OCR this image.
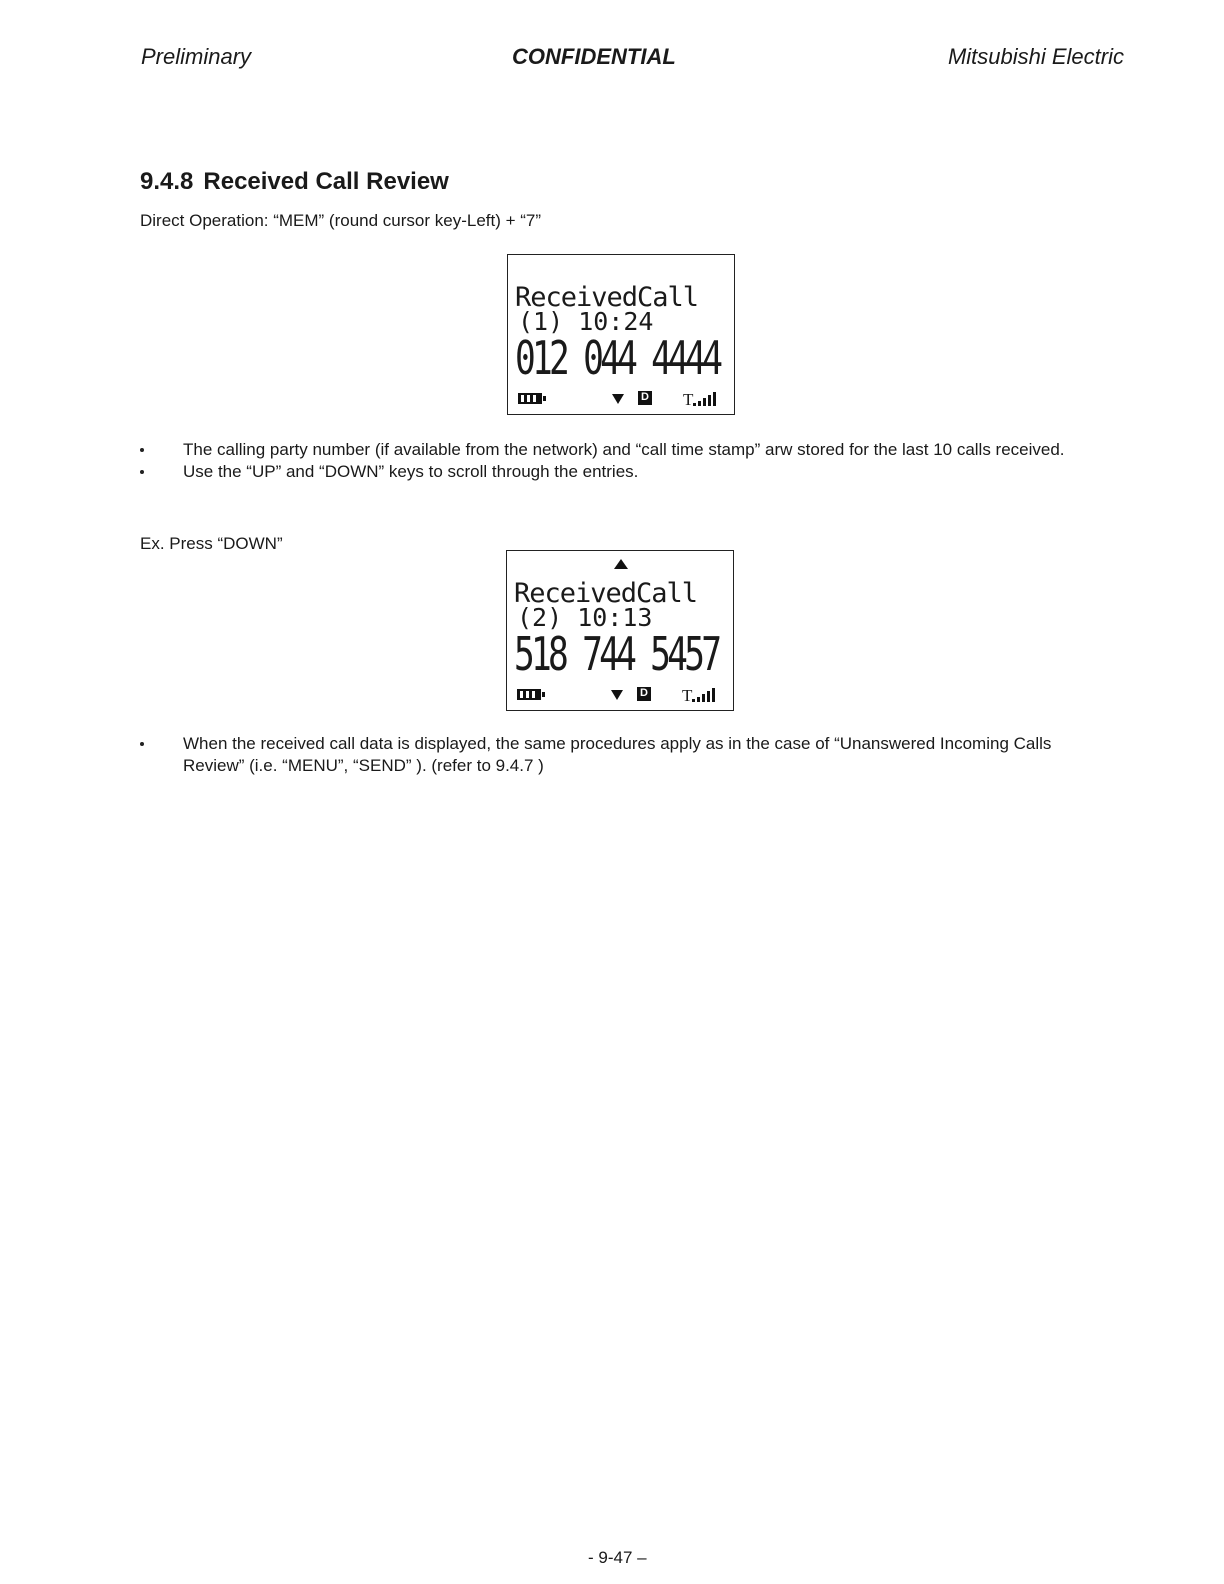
Preliminary	CONFIDENTIAL	Mitsubishi Electric
9.4.8 Received Call Review
Direct Operation: “MEM” (round cursor key-Left) + “7”
ReceivedCall
(1) 10:24
012 044 4444
D
T
The calling party number (if available from the network) and “call time stamp” arw stored for the last 10 calls received.
Use the “UP” and “DOWN” keys to scroll through the entries.
Ex. Press “DOWN”
ReceivedCall
(2) 10:13
518 744 5457
D
T
When the received call data is displayed, the same procedures apply as in the case of “Unanswered Incoming Calls Review” (i.e. “MENU”, “SEND” ). (refer to 9.4.7 )
- 9-47 –
